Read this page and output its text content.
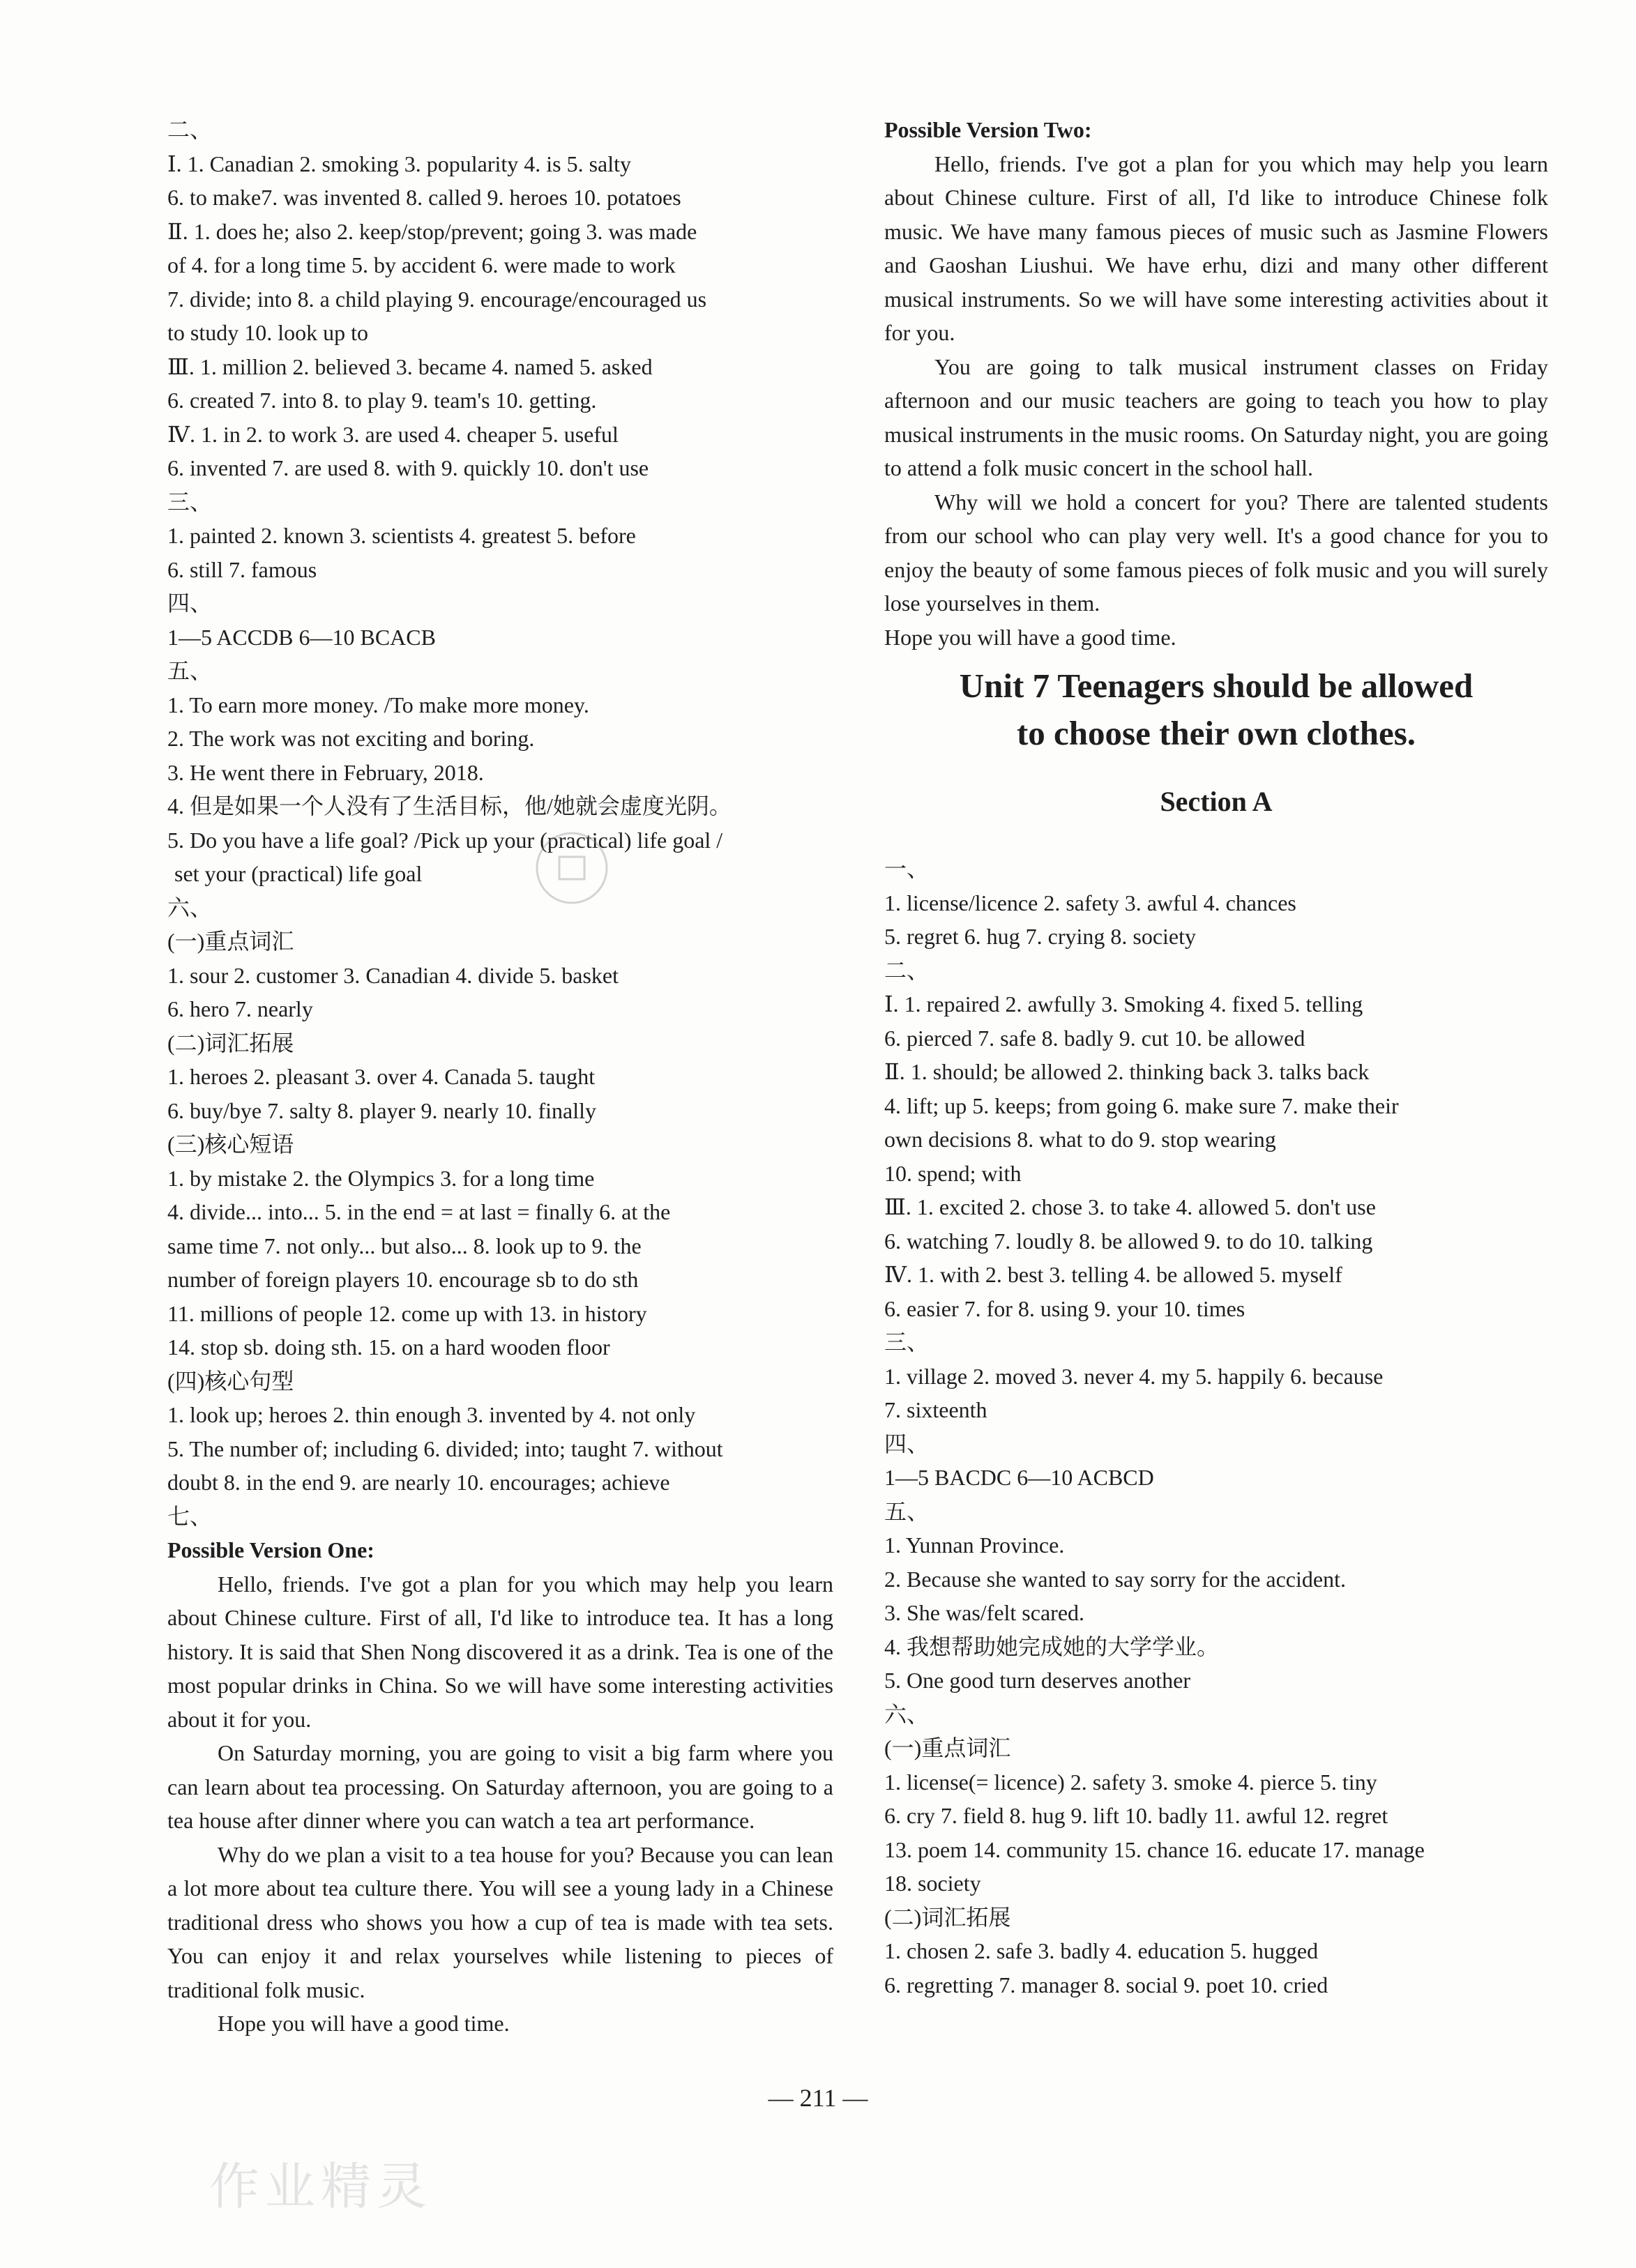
二、
Ⅰ. 1. Canadian 2. smoking 3. popularity 4. is 5. salty
6. to make7. was invented 8. called 9. heroes 10. potatoes
Ⅱ. 1. does he; also 2. keep/stop/prevent; going 3. was made
of 4. for a long time 5. by accident 6. were made to work
7. divide; into 8. a child playing 9. encourage/encouraged us
to study 10. look up to
Ⅲ. 1. million 2. believed 3. became 4. named 5. asked
6. created 7. into 8. to play 9. team's 10. getting.
Ⅳ. 1. in 2. to work 3. are used 4. cheaper 5. useful
6. invented 7. are used 8. with 9. quickly 10. don't use
三、
1. painted 2. known 3. scientists 4. greatest 5. before
6. still 7. famous
四、
1—5 ACCDB 6—10 BCACB
五、
1. To earn more money. /To make more money.
2. The work was not exciting and boring.
3. He went there in February, 2018.
4. 但是如果一个人没有了生活目标，他/她就会虚度光阴。
5. Do you have a life goal? /Pick up your (practical) life goal /
set your (practical) life goal
六、
(一)重点词汇
1. sour 2. customer 3. Canadian 4. divide 5. basket
6. hero 7. nearly
(二)词汇拓展
1. heroes 2. pleasant 3. over 4. Canada 5. taught
6. buy/bye 7. salty 8. player 9. nearly 10. finally
(三)核心短语
1. by mistake 2. the Olympics 3. for a long time
4. divide... into... 5. in the end = at last = finally 6. at the
same time 7. not only... but also... 8. look up to 9. the
number of foreign players 10. encourage sb to do sth
11. millions of people 12. come up with 13. in history
14. stop sb. doing sth. 15. on a hard wooden floor
(四)核心句型
1. look up; heroes 2. thin enough 3. invented by 4. not only
5. The number of; including 6. divided; into; taught 7. without
doubt 8. in the end 9. are nearly 10. encourages; achieve
七、
Possible Version One:
Hello, friends. I've got a plan for you which may help you learn about Chinese culture. First of all, I'd like to introduce tea. It has a long history. It is said that Shen Nong discovered it as a drink. Tea is one of the most popular drinks in China. So we will have some interesting activities about it for you.
On Saturday morning, you are going to visit a big farm where you can learn about tea processing. On Saturday afternoon, you are going to a tea house after dinner where you can watch a tea art performance.
Why do we plan a visit to a tea house for you? Because you can lean a lot more about tea culture there. You will see a young lady in a Chinese traditional dress who shows you how a cup of tea is made with tea sets. You can enjoy it and relax yourselves while listening to pieces of traditional folk music.
Hope you will have a good time.
Possible Version Two:
Hello, friends. I've got a plan for you which may help you learn about Chinese culture. First of all, I'd like to introduce Chinese folk music. We have many famous pieces of music such as Jasmine Flowers and Gaoshan Liushui. We have erhu, dizi and many other different musical instruments. So we will have some interesting activities about it for you.
You are going to talk musical instrument classes on Friday afternoon and our music teachers are going to teach you how to play musical instruments in the music rooms. On Saturday night, you are going to attend a folk music concert in the school hall.
Why will we hold a concert for you? There are talented students from our school who can play very well. It's a good chance for you to enjoy the beauty of some famous pieces of folk music and you will surely lose yourselves in them.
Hope you will have a good time.
Unit 7 Teenagers should be allowed
to choose their own clothes.
Section A
一、
1. license/licence 2. safety 3. awful 4. chances
5. regret 6. hug 7. crying 8. society
二、
Ⅰ. 1. repaired 2. awfully 3. Smoking 4. fixed 5. telling
6. pierced 7. safe 8. badly 9. cut 10. be allowed
Ⅱ. 1. should; be allowed 2. thinking back 3. talks back
4. lift; up 5. keeps; from going 6. make sure 7. make their
own decisions 8. what to do 9. stop wearing
10. spend; with
Ⅲ. 1. excited 2. chose 3. to take 4. allowed 5. don't use
6. watching 7. loudly 8. be allowed 9. to do 10. talking
Ⅳ. 1. with 2. best 3. telling 4. be allowed 5. myself
6. easier 7. for 8. using 9. your 10. times
三、
1. village 2. moved 3. never 4. my 5. happily 6. because
7. sixteenth
四、
1—5 BACDC 6—10 ACBCD
五、
1. Yunnan Province.
2. Because she wanted to say sorry for the accident.
3. She was/felt scared.
4. 我想帮助她完成她的大学学业。
5. One good turn deserves another
六、
(一)重点词汇
1. license(= licence) 2. safety 3. smoke 4. pierce 5. tiny
6. cry 7. field 8. hug 9. lift 10. badly 11. awful 12. regret
13. poem 14. community 15. chance 16. educate 17. manage
18. society
(二)词汇拓展
1. chosen 2. safe 3. badly 4. education 5. hugged
6. regretting 7. manager 8. social 9. poet 10. cried
— 211 —
作业精灵
